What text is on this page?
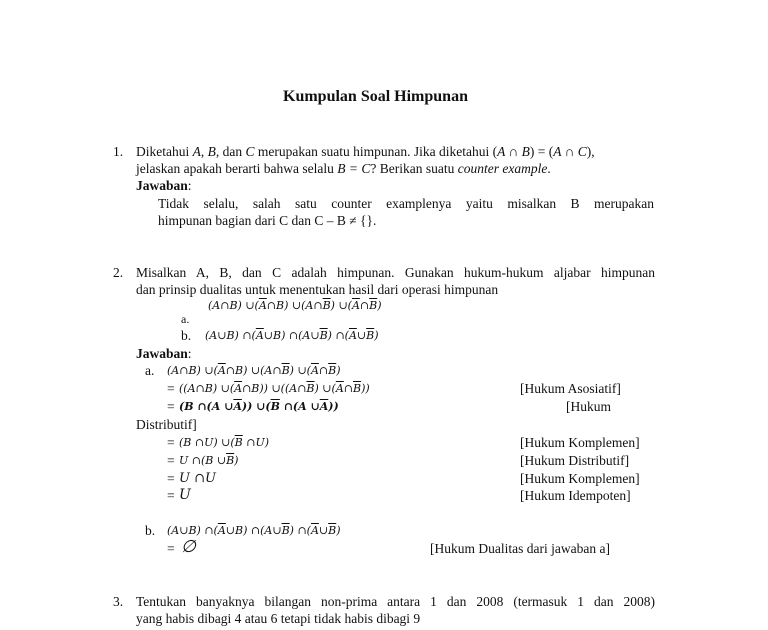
Kumpulan Soal Himpunan
1. Diketahui A, B, dan C merupakan suatu himpunan. Jika diketahui (A ∩ B) = (A ∩ C),
jelaskan apakah berarti bahwa selalu B = C? Berikan suatu counter example.
Jawaban:
Tidak selalu, salah satu counter examplenya yaitu misalkan B merupakan
himpunan bagian dari C dan C – B ≠ {}.
2. Misalkan A, B, dan C adalah himpunan. Gunakan hukum-hukum aljabar himpunan
dan prinsip dualitas untuk menentukan hasil dari operasi himpunan
(A∩B) $\cup(\overline{A}\cap B)$ $\cup(A\cap\overline{B})$ $\cup(\overline{A}\cap\overline{B})$
a.
b. (A∪B) $\cap(\overline{A}\cup B)$ $\cap(A\cup\overline{B})$ $\cap(\overline{A}\cup\overline{B})$
Jawaban:
a. (A∩B) $\cup(\overline{A}\cap B)$ $\cup(A\cap\overline{B})$ $\cup(\overline{A}\cap\overline{B})$
= ((A∩B) $\cup(\overline{A}\cap B)$) $\cup((A\cap\overline{B})$ $\cup(\overline{A}\cap\overline{B})$)	[Hukum Asosiatif]
= (B ∩(A $\cup\overline{A}$)) $\cup(\overline{B}$ ∩(A $\cup\overline{A}$))	[Hukum
Distributif]
= (B ∩U) $\cup(\overline{B}$ ∩U)	[Hukum Komplemen]
= U ∩(B $\cup\overline{B}$)	[Hukum Distributif]
= U ∩U	[Hukum Komplemen]
= U	[Hukum Idempoten]
b. (A∪B) $\cap(\overline{A}\cup B)$ $\cap(A\cup\overline{B})$ $\cap(\overline{A}\cup\overline{B})$
= ∅	[Hukum Dualitas dari jawaban a]
3. Tentukan banyaknya bilangan non-prima antara 1 dan 2008 (termasuk 1 dan 2008)
yang habis dibagi 4 atau 6 tetapi tidak habis dibagi 9
